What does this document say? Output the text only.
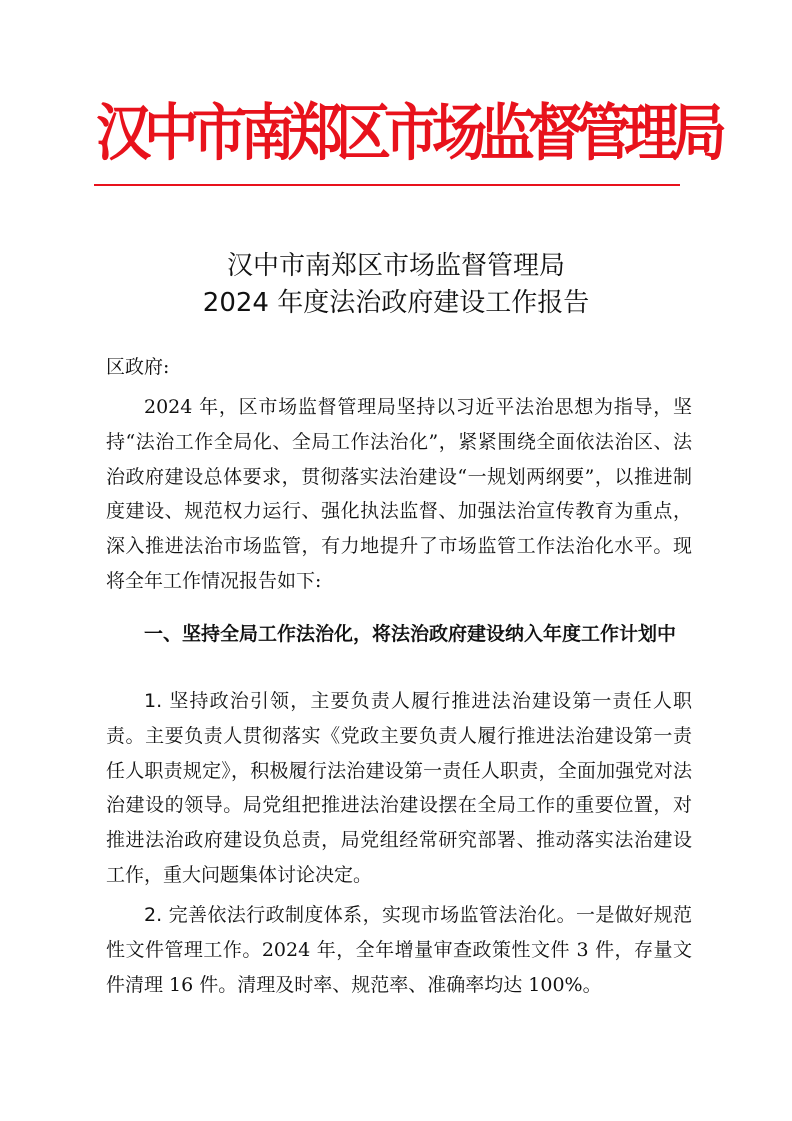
汉中市南郑区市场监督管理局
汉中市南郑区市场监督管理局
2024 年度法治政府建设工作报告
区政府:

2024 年，区市场监督管理局坚持以习近平法治思想为指导，坚持“法治工作全局化、全局工作法治化”，紧紧围绕全面依法治区、法治政府建设总体要求，贯彻落实法治建设“一规划两纲要”，以推进制度建设、规范权力运行、强化执法监督、加强法治宣传教育为重点，深入推进法治市场监管，有力地提升了市场监管工作法治化水平。现将全年工作情况报告如下:

一、坚持全局工作法治化，将法治政府建设纳入年度工作计划中

1. 坚持政治引领，主要负责人履行推进法治建设第一责任人职责。主要负责人贯彻落实《党政主要负责人履行推进法治建设第一责任人职责规定》，积极履行法治建设第一责任人职责，全面加强党对法治建设的领导。局党组把推进法治建设摆在全局工作的重要位置，对推进法治政府建设负总责，局党组经常研究部署、推动落实法治建设工作，重大问题集体讨论决定。

2. 完善依法行政制度体系，实现市场监管法治化。一是做好规范性文件管理工作。2024 年，全年增量审查政策性文件 3 件，存量文件清理 16 件。清理及时率、规范率、准确率均达 100%。
